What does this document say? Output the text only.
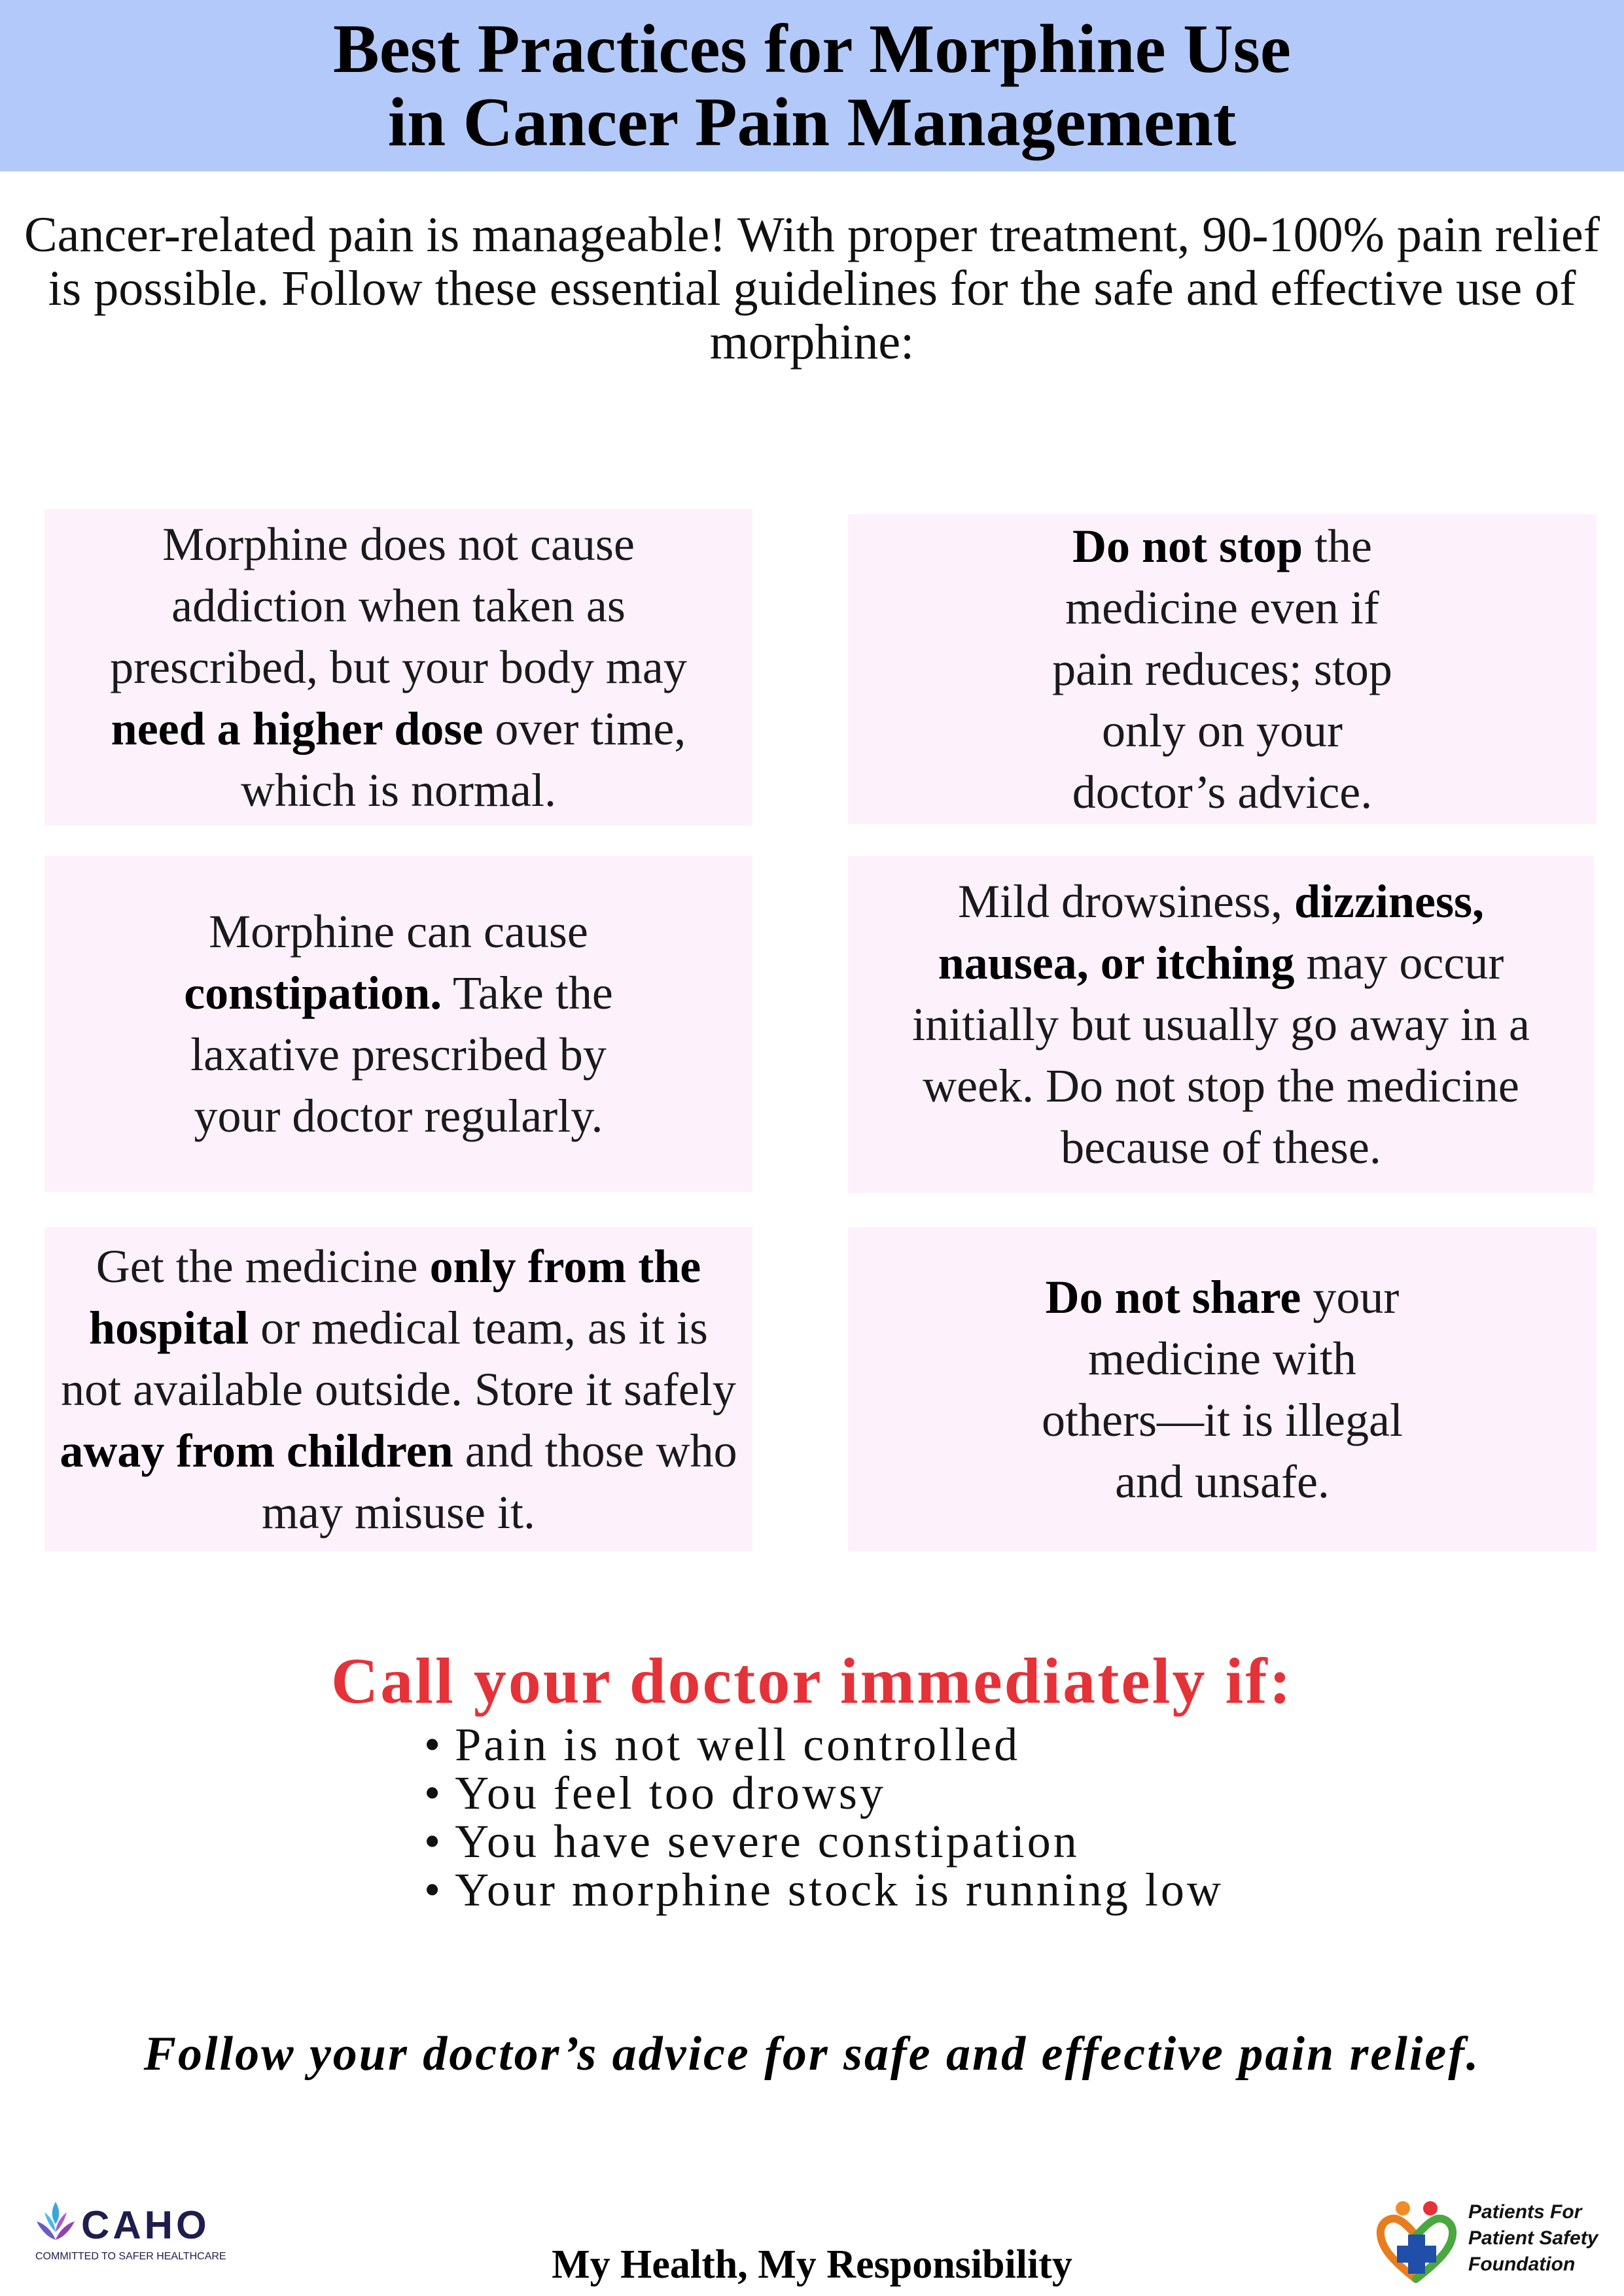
Best Practices for Morphine Use
in Cancer Pain Management

Cancer-related pain is manageable! With proper treatment, 90-100% pain relief is possible. Follow these essential guidelines for the safe and effective use of morphine:

Morphine does not cause addiction when taken as prescribed, but your body may need a higher dose over time, which is normal.
Do not stop the medicine even if pain reduces; stop only on your doctor’s advice.
Morphine can cause constipation. Take the laxative prescribed by your doctor regularly.
Mild drowsiness, dizziness, nausea, or itching may occur initially but usually go away in a week. Do not stop the medicine because of these.
Get the medicine only from the hospital or medical team, as it is not available outside. Store it safely away from children and those who may misuse it.
Do not share your medicine with others—it is illegal and unsafe.
Call your doctor immediately if:
• Pain is not well controlled
• You feel too drowsy
• You have severe constipation
• Your morphine stock is running low

Follow your doctor’s advice for safe and effective pain relief.

CAHO
COMMITTED TO SAFER HEALTHCARE	My Health, My Responsibility
Patients For
Patient Safety
Foundation
